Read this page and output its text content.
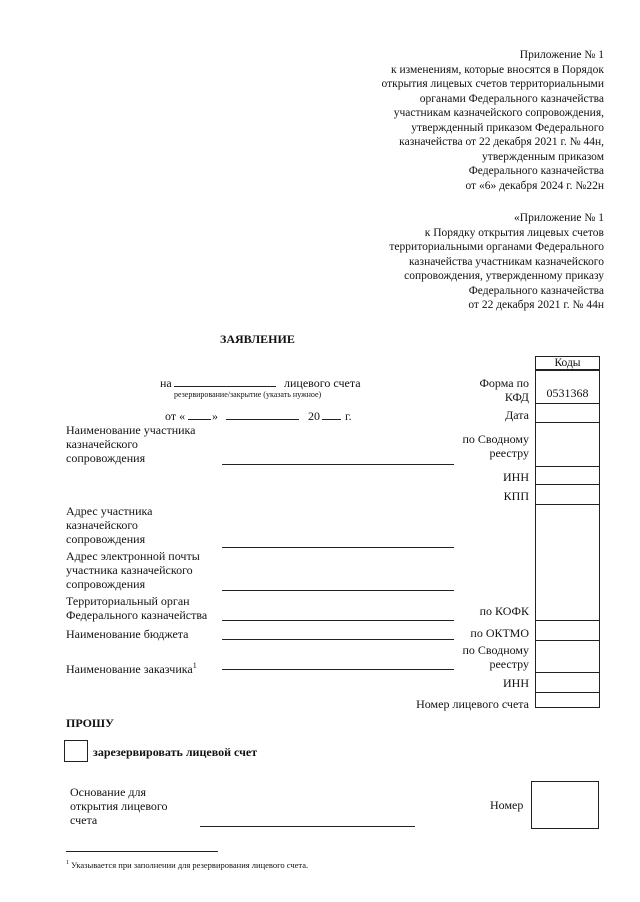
Приложение № 1

к изменениям, которые вносятся в Порядок

открытия лицевых счетов территориальными

органами Федерального казначейства

участникам казначейского сопровождения,

утвержденный приказом Федерального

казначейства от 22 декабря 2021 г. № 44н,

утвержденным приказом

Федерального казначейства

от «6» декабря 2024 г. №22н

«Приложение № 1

к Порядку открытия лицевых счетов

территориальными органами Федерального

казначейства участникам казначейского

сопровождения, утвержденному приказу

Федерального казначейства

от 22 декабря 2021 г. № 44н

ЗАЯВЛЕНИЕ
Коды
0531368
на	лицевого счета
резервирование/закрытие (указать нужное)
от « »	20 г.
Форма по
КФД
Дата
по Сводному
реестру
ИНН
КПП
по КОФК
по ОКТМО
по Сводному
реестру
ИНН
Номер лицевого счета
Наименование участника
казначейского
сопровождения
Адрес участника
казначейского
сопровождения
Адрес электронной почты
участника казначейского
сопровождения
Территориальный орган
Федерального казначейства
Наименование бюджета
Наименование заказчика$^1$
ПРОШУ
зарезервировать лицевой счет
Основание для
открытия лицевого
счета
Номер
$^1$ Указывается при заполнении для резервирования лицевого счета.
